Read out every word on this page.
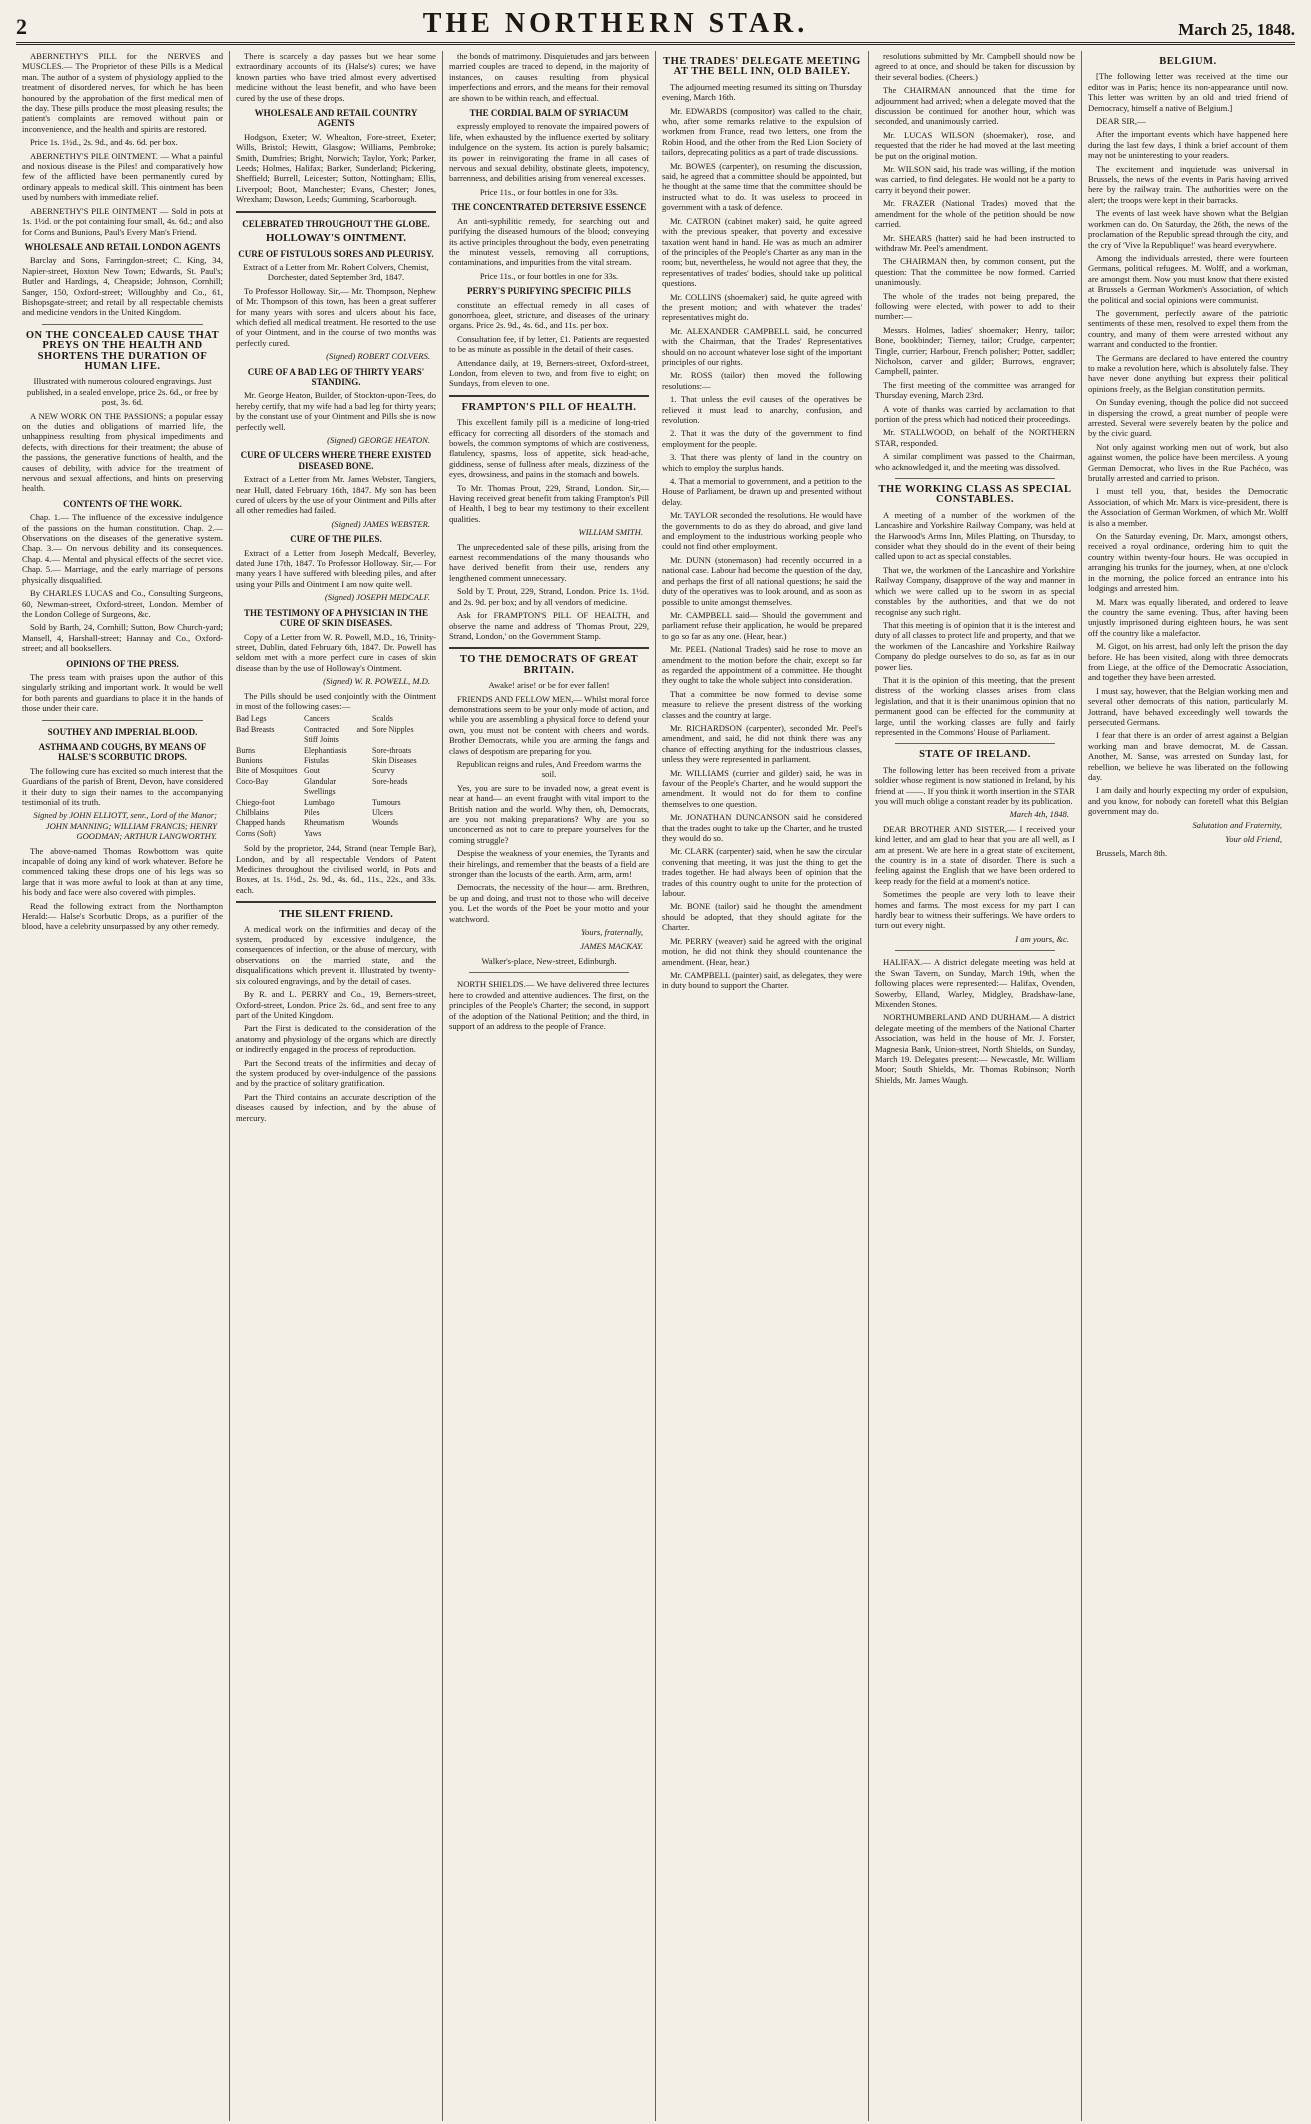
2	THE NORTHERN STAR.	March 25, 1848.

ABERNETHY'S PILL for the NERVES and MUSCLES.— The Proprietor of these Pills is a Medical man. The author of a system of physiology applied to the treatment of disordered nerves, for which he has been honoured by the approbation of the first medical men of the day. These pills produce the most pleasing results; the patient's complaints are removed without pain or inconvenience, and the health and spirits are restored.

Price 1s. 1½d., 2s. 9d., and 4s. 6d. per box.

ABERNETHY'S PILE OINTMENT. — What a painful and noxious disease is the Piles! and comparatively how few of the afflicted have been permanently cured by ordinary appeals to medical skill. This ointment has been used by numbers with immediate relief.

ABERNETHY'S PILE OINTMENT — Sold in pots at 1s. 1½d. or the pot containing four small, 4s. 6d.; and also for Corns and Bunions, Paul's Every Man's Friend.

WHOLESALE AND RETAIL LONDON AGENTS

Barclay and Sons, Farringdon-street; C. King, 34, Napier-street, Hoxton New Town; Edwards, St. Paul's; Butler and Hardings, 4, Cheapside; Johnson, Cornhill; Sanger, 150, Oxford-street; Willoughby and Co., 61, Bishopsgate-street; and retail by all respectable chemists and medicine vendors in the United Kingdom.

ON THE CONCEALED CAUSE THAT PREYS ON THE HEALTH AND SHORTENS THE DURATION OF HUMAN LIFE.

Illustrated with numerous coloured engravings. Just published, in a sealed envelope, price 2s. 6d., or free by post, 3s. 6d.

A NEW WORK ON THE PASSIONS; a popular essay on the duties and obligations of married life, the unhappiness resulting from physical impediments and defects, with directions for their treatment; the abuse of the passions, the generative functions of health, and the causes of debility, with advice for the treatment of nervous and sexual affections, and hints on preserving health.

CONTENTS OF THE WORK.

Chap. 1.— The influence of the excessive indulgence of the passions on the human constitution. Chap. 2.— Observations on the diseases of the generative system. Chap. 3.— On nervous debility and its consequences. Chap. 4.— Mental and physical effects of the secret vice. Chap. 5.— Marriage, and the early marriage of persons physically disqualified.

By CHARLES LUCAS and Co., Consulting Surgeons, 60, Newman-street, Oxford-street, London. Member of the London College of Surgeons, &c.

Sold by Barth, 24, Cornhill; Sutton, Bow Church-yard; Mansell, 4, Harshall-street; Hannay and Co., Oxford-street; and all booksellers.

OPINIONS OF THE PRESS.

The press team with praises upon the author of this singularly striking and important work. It would be well for both parents and guardians to place it in the hands of those under their care.

SOUTHEY AND IMPERIAL BLOOD.
ASTHMA AND COUGHS, BY MEANS OF HALSE'S SCORBUTIC DROPS.

The following cure has excited so much interest that the Guardians of the parish of Brent, Devon, have considered it their duty to sign their names to the accompanying testimonial of its truth.

Signed by JOHN ELLIOTT, senr., Lord of the Manor; JOHN MANNING; WILLIAM FRANCIS; HENRY GOODMAN; ARTHUR LANGWORTHY.

The above-named Thomas Rowbottom was quite incapable of doing any kind of work whatever. Before he commenced taking these drops one of his legs was so large that it was more awful to look at than at any time, his body and face were also covered with pimples.

Read the following extract from the Northampton Herald:— Halse's Scorbutic Drops, as a purifier of the blood, have a celebrity unsurpassed by any other remedy.

There is scarcely a day passes but we hear some extraordinary accounts of its (Halse's) cures; we have known parties who have tried almost every advertised medicine without the least benefit, and who have been cured by the use of these drops.

WHOLESALE AND RETAIL COUNTRY AGENTS

Hodgson, Exeter; W. Whealton, Fore-street, Exeter; Wills, Bristol; Hewitt, Glasgow; Williams, Pembroke; Smith, Dumfries; Bright, Norwich; Taylor, York; Parker, Leeds; Holmes, Halifax; Barker, Sunderland; Pickering, Sheffield; Burrell, Leicester; Sutton, Nottingham; Ellis, Liverpool; Boot, Manchester; Evans, Chester; Jones, Wrexham; Dawson, Leeds; Gumming, Scarborough.

CELEBRATED THROUGHOUT THE GLOBE.
HOLLOWAY'S OINTMENT.
CURE OF FISTULOUS SORES AND PLEURISY.

Extract of a Letter from Mr. Robert Colvers, Chemist, Dorchester, dated September 3rd, 1847.

To Professor Holloway. Sir,— Mr. Thompson, Nephew of Mr. Thompson of this town, has been a great sufferer for many years with sores and ulcers about his face, which defied all medical treatment. He resorted to the use of your Ointment, and in the course of two months was perfectly cured.

(Signed) ROBERT COLVERS.

CURE OF A BAD LEG OF THIRTY YEARS' STANDING.

Mr. George Heaton, Builder, of Stockton-upon-Tees, do hereby certify, that my wife had a bad leg for thirty years; by the constant use of your Ointment and Pills she is now perfectly well.

(Signed) GEORGE HEATON.

CURE OF ULCERS WHERE THERE EXISTED DISEASED BONE.

Extract of a Letter from Mr. James Webster, Tangiers, near Hull, dated February 16th, 1847. My son has been cured of ulcers by the use of your Ointment and Pills after all other remedies had failed.

(Signed) JAMES WEBSTER.

CURE OF THE PILES.

Extract of a Letter from Joseph Medcalf, Beverley, dated June 17th, 1847. To Professor Holloway. Sir,— For many years I have suffered with bleeding piles, and after using your Pills and Ointment I am now quite well.

(Signed) JOSEPH MEDCALF.

THE TESTIMONY OF A PHYSICIAN IN THE CURE OF SKIN DISEASES.

Copy of a Letter from W. R. Powell, M.D., 16, Trinity-street, Dublin, dated February 6th, 1847. Dr. Powell has seldom met with a more perfect cure in cases of skin disease than by the use of Holloway's Ointment.

(Signed) W. R. POWELL, M.D.

The Pills should be used conjointly with the Ointment in most of the following cases:—

Bad Legs	Cancers	Scalds
Bad Breasts	Contracted and Stiff Joints
Sore Nipples
Burns	Elephantiasis	Sore-throats
Bunions	Fistulas	Skin Diseases
Bite of Mosquitoes Gout	Scurvy
Coco-Bay	Glandular Swellings
Sore-heads
Chiego-foot	Lumbago	Tumours
Chilblains	Piles	Ulcers
Chapped hands	Rheumatism	Wounds
Corns (Soft)	Yaws

Sold by the proprietor, 244, Strand (near Temple Bar), London, and by all respectable Vendors of Patent Medicines throughout the civilised world, in Pots and Boxes, at 1s. 1½d., 2s. 9d., 4s. 6d., 11s., 22s., and 33s. each.

THE SILENT FRIEND.

A medical work on the infirmities and decay of the system, produced by excessive indulgence, the consequences of infection, or the abuse of mercury, with observations on the married state, and the disqualifications which prevent it. Illustrated by twenty-six coloured engravings, and by the detail of cases.

By R. and L. PERRY and Co., 19, Berners-street, Oxford-street, London. Price 2s. 6d., and sent free to any part of the United Kingdom.

Part the First is dedicated to the consideration of the anatomy and physiology of the organs which are directly or indirectly engaged in the process of reproduction.

Part the Second treats of the infirmities and decay of the system produced by over-indulgence of the passions and by the practice of solitary gratification.

Part the Third contains an accurate description of the diseases caused by infection, and by the abuse of mercury.

the bonds of matrimony. Disquietudes and jars between married couples are traced to depend, in the majority of instances, on causes resulting from physical imperfections and errors, and the means for their removal are shown to be within reach, and effectual.

THE CORDIAL BALM OF SYRIACUM

expressly employed to renovate the impaired powers of life, when exhausted by the influence exerted by solitary indulgence on the system. Its action is purely balsamic; its power in reinvigorating the frame in all cases of nervous and sexual debility, obstinate gleets, impotency, barrenness, and debilities arising from venereal excesses.

Price 11s., or four bottles in one for 33s.

THE CONCENTRATED DETERSIVE ESSENCE

An anti-syphilitic remedy, for searching out and purifying the diseased humours of the blood; conveying its active principles throughout the body, even penetrating the minutest vessels, removing all corruptions, contaminations, and impurities from the vital stream.

Price 11s., or four bottles in one for 33s.

PERRY'S PURIFYING SPECIFIC PILLS

constitute an effectual remedy in all cases of gonorrhoea, gleet, stricture, and diseases of the urinary organs. Price 2s. 9d., 4s. 6d., and 11s. per box.

Consultation fee, if by letter, £1. Patients are requested to be as minute as possible in the detail of their cases.

Attendance daily, at 19, Berners-street, Oxford-street, London, from eleven to two, and from five to eight; on Sundays, from eleven to one.

FRAMPTON'S PILL OF HEALTH.

This excellent family pill is a medicine of long-tried efficacy for correcting all disorders of the stomach and bowels, the common symptoms of which are costiveness, flatulency, spasms, loss of appetite, sick head-ache, giddiness, sense of fullness after meals, dizziness of the eyes, drowsiness, and pains in the stomach and bowels.

To Mr. Thomas Prout, 229, Strand, London. Sir,— Having received great benefit from taking Frampton's Pill of Health, I beg to bear my testimony to their excellent qualities.

WILLIAM SMITH.

The unprecedented sale of these pills, arising from the earnest recommendations of the many thousands who have derived benefit from their use, renders any lengthened comment unnecessary.

Sold by T. Prout, 229, Strand, London. Price 1s. 1½d. and 2s. 9d. per box; and by all vendors of medicine.

Ask for FRAMPTON'S PILL OF HEALTH, and observe the name and address of 'Thomas Prout, 229, Strand, London,' on the Government Stamp.

TO THE DEMOCRATS OF GREAT BRITAIN.

Awake! arise! or be for ever fallen!

FRIENDS AND FELLOW MEN,— Whilst moral force demonstrations seem to be your only mode of action, and while you are assembling a physical force to defend your own, you must not be content with cheers and words. Brother Democrats, while you are arming the fangs and claws of despotism are preparing for you.

Republican reigns and rules, And Freedom warms the soil.

Yes, you are sure to be invaded now, a great event is near at hand— an event fraught with vital import to the British nation and the world. Why then, oh, Democrats, are you not making preparations? Why are you so unconcerned as not to care to prepare yourselves for the coming struggle?

Despise the weakness of your enemies, the Tyrants and their hirelings, and remember that the beasts of a field are stronger than the locusts of the earth. Arm, arm, arm!

Democrats, the necessity of the hour— arm. Brethren, be up and doing, and trust not to those who will deceive you. Let the words of the Poet be your motto and your watchword.

Yours, fraternally,

JAMES MACKAY.

Walker's-place, New-street, Edinburgh.

NORTH SHIELDS.— We have delivered three lectures here to crowded and attentive audiences. The first, on the principles of the People's Charter; the second, in support of the adoption of the National Petition; and the third, in support of an address to the people of France.

THE TRADES' DELEGATE MEETING AT THE BELL INN, OLD BAILEY.

The adjourned meeting resumed its sitting on Thursday evening, March 16th.

Mr. EDWARDS (compositor) was called to the chair, who, after some remarks relative to the expulsion of workmen from France, read two letters, one from the Robin Hood, and the other from the Red Lion Society of tailors, deprecating politics as a part of trade discussions.

Mr. BOWES (carpenter), on resuming the discussion, said, he agreed that a committee should be appointed, but he thought at the same time that the committee should be instructed what to do. It was useless to proceed in government with a task of defence.

Mr. CATRON (cabinet maker) said, he quite agreed with the previous speaker, that poverty and excessive taxation went hand in hand. He was as much an admirer of the principles of the People's Charter as any man in the room; but, nevertheless, he would not agree that they, the representatives of trades' bodies, should take up political questions.

Mr. COLLINS (shoemaker) said, he quite agreed with the present motion; and with whatever the trades' representatives might do.

Mr. ALEXANDER CAMPBELL said, he concurred with the Chairman, that the Trades' Representatives should on no account whatever lose sight of the important principles of our rights.

Mr. ROSS (tailor) then moved the following resolutions:—

1. That unless the evil causes of the operatives be relieved it must lead to anarchy, confusion, and revolution.

2. That it was the duty of the government to find employment for the people.

3. That there was plenty of land in the country on which to employ the surplus hands.

4. That a memorial to government, and a petition to the House of Parliament, be drawn up and presented without delay.

Mr. TAYLOR seconded the resolutions. He would have the governments to do as they do abroad, and give land and employment to the industrious working people who could not find other employment.

Mr. DUNN (stonemason) had recently occurred in a national case. Labour had become the question of the day, and perhaps the first of all national questions; he said the duty of the operatives was to look around, and as soon as possible to unite amongst themselves.

Mr. CAMPBELL said— Should the government and parliament refuse their application, he would be prepared to go so far as any one. (Hear, hear.)

Mr. PEEL (National Trades) said he rose to move an amendment to the motion before the chair, except so far as regarded the appointment of a committee. He thought they ought to take the whole subject into consideration.

That a committee be now formed to devise some measure to relieve the present distress of the working classes and the country at large.

Mr. RICHARDSON (carpenter), seconded Mr. Peel's amendment, and said, he did not think there was any chance of effecting anything for the industrious classes, unless they were represented in parliament.

Mr. WILLIAMS (currier and gilder) said, he was in favour of the People's Charter, and he would support the amendment. It would not do for them to confine themselves to one question.

Mr. JONATHAN DUNCANSON said he considered that the trades ought to take up the Charter, and he trusted they would do so.

Mr. CLARK (carpenter) said, when he saw the circular convening that meeting, it was just the thing to get the trades together. He had always been of opinion that the trades of this country ought to unite for the protection of labour.

Mr. BONE (tailor) said he thought the amendment should be adopted, that they should agitate for the Charter.

Mr. PERRY (weaver) said he agreed with the original motion, he did not think they should countenance the amendment. (Hear, hear.)

Mr. CAMPBELL (painter) said, as delegates, they were in duty bound to support the Charter.

resolutions submitted by Mr. Campbell should now be agreed to at once, and should be taken for discussion by their several bodies. (Cheers.)

The CHAIRMAN announced that the time for adjournment had arrived; when a delegate moved that the discussion be continued for another hour, which was seconded, and unanimously carried.

Mr. LUCAS WILSON (shoemaker), rose, and requested that the rider he had moved at the last meeting be put on the original motion.

Mr. WILSON said, his trade was willing, if the motion was carried, to find delegates. He would not be a party to carry it beyond their power.

Mr. FRAZER (National Trades) moved that the amendment for the whole of the petition should be now carried.

Mr. SHEARS (hatter) said he had been instructed to withdraw Mr. Peel's amendment.

The CHAIRMAN then, by common consent, put the question: That the committee be now formed. Carried unanimously.

The whole of the trades not being prepared, the following were elected, with power to add to their number:—

Messrs. Holmes, ladies' shoemaker; Henry, tailor; Bone, bookbinder; Tierney, tailor; Crudge, carpenter; Tingle, currier; Harbour, French polisher; Potter, saddler; Nicholson, carver and gilder; Burrows, engraver; Campbell, painter.

The first meeting of the committee was arranged for Thursday evening, March 23rd.

A vote of thanks was carried by acclamation to that portion of the press which had noticed their proceedings.

Mr. STALLWOOD, on behalf of the NORTHERN STAR, responded.

A similar compliment was passed to the Chairman, who acknowledged it, and the meeting was dissolved.

THE WORKING CLASS AS SPECIAL CONSTABLES.

A meeting of a number of the workmen of the Lancashire and Yorkshire Railway Company, was held at the Harwood's Arms Inn, Miles Platting, on Thursday, to consider what they should do in the event of their being called upon to act as special constables.

That we, the workmen of the Lancashire and Yorkshire Railway Company, disapprove of the way and manner in which we were called up to be sworn in as special constables by the authorities, and that we do not recognise any such right.

That this meeting is of opinion that it is the interest and duty of all classes to protect life and property, and that we the workmen of the Lancashire and Yorkshire Railway Company do pledge ourselves to do so, as far as in our power lies.

That it is the opinion of this meeting, that the present distress of the working classes arises from class legislation, and that it is their unanimous opinion that no permanent good can be effected for the community at large, until the working classes are fully and fairly represented in the Commons' House of Parliament.

STATE OF IRELAND.

The following letter has been received from a private soldier whose regiment is now stationed in Ireland, by his friend at ——. If you think it worth insertion in the STAR you will much oblige a constant reader by its publication.

March 4th, 1848.

DEAR BROTHER AND SISTER,— I received your kind letter, and am glad to hear that you are all well, as I am at present. We are here in a great state of excitement, the country is in a state of disorder. There is such a feeling against the English that we have been ordered to keep ready for the field at a moment's notice.

Sometimes the people are very loth to leave their homes and farms. The most excess for my part I can hardly bear to witness their sufferings. We have orders to turn out every night.

I am yours, &c.

HALIFAX.— A district delegate meeting was held at the Swan Tavern, on Sunday, March 19th, when the following places were represented:— Halifax, Ovenden, Sowerby, Elland, Warley, Midgley, Bradshaw-lane, Mixenden Stones.

NORTHUMBERLAND AND DURHAM.— A district delegate meeting of the members of the National Charter Association, was held in the house of Mr. J. Forster, Magnesia Bank, Union-street, North Shields, on Sunday, March 19. Delegates present:— Newcastle, Mr. William Moor; South Shields, Mr. Thomas Robinson; North Shields, Mr. James Waugh.

BELGIUM.

[The following letter was received at the time our editor was in Paris; hence its non-appearance until now. This letter was written by an old and tried friend of Democracy, himself a native of Belgium.]

DEAR SIR,—

After the important events which have happened here during the last few days, I think a brief account of them may not be uninteresting to your readers.

The excitement and inquietude was universal in Brussels, the news of the events in Paris having arrived here by the railway train. The authorities were on the alert; the troops were kept in their barracks.

The events of last week have shown what the Belgian workmen can do. On Saturday, the 26th, the news of the proclamation of the Republic spread through the city, and the cry of 'Vive la Republique!' was heard everywhere.

Among the individuals arrested, there were fourteen Germans, political refugees. M. Wolff, and a workman, are amongst them. Now you must know that there existed at Brussels a German Workmen's Association, of which the political and social opinions were communist.

The government, perfectly aware of the patriotic sentiments of these men, resolved to expel them from the country, and many of them were arrested without any warrant and conducted to the frontier.

The Germans are declared to have entered the country to make a revolution here, which is absolutely false. They have never done anything but express their political opinions freely, as the Belgian constitution permits.

On Sunday evening, though the police did not succeed in dispersing the crowd, a great number of people were arrested. Several were severely beaten by the police and by the civic guard.

Not only against working men out of work, but also against women, the police have been merciless. A young German Democrat, who lives in the Rue Pachéco, was brutally arrested and carried to prison.

I must tell you, that, besides the Democratic Association, of which Mr. Marx is vice-president, there is the Association of German Workmen, of which Mr. Wolff is also a member.

On the Saturday evening, Dr. Marx, amongst others, received a royal ordinance, ordering him to quit the country within twenty-four hours. He was occupied in arranging his trunks for the journey, when, at one o'clock in the morning, the police forced an entrance into his lodgings and arrested him.

M. Marx was equally liberated, and ordered to leave the country the same evening. Thus, after having been unjustly imprisoned during eighteen hours, he was sent off the country like a malefactor.

M. Gigot, on his arrest, had only left the prison the day before. He has been visited, along with three democrats from Liege, at the office of the Democratic Association, and together they have been arrested.

I must say, however, that the Belgian working men and several other democrats of this nation, particularly M. Jottrand, have behaved exceedingly well towards the persecuted Germans.

I fear that there is an order of arrest against a Belgian working man and brave democrat, M. de Cassan. Another, M. Sanse, was arrested on Sunday last, for rebellion, we believe he was liberated on the following day.

I am daily and hourly expecting my order of expulsion, and you know, for nobody can foretell what this Belgian government may do.

Salutation and Fraternity,

Your old Friend,

Brussels, March 8th.
